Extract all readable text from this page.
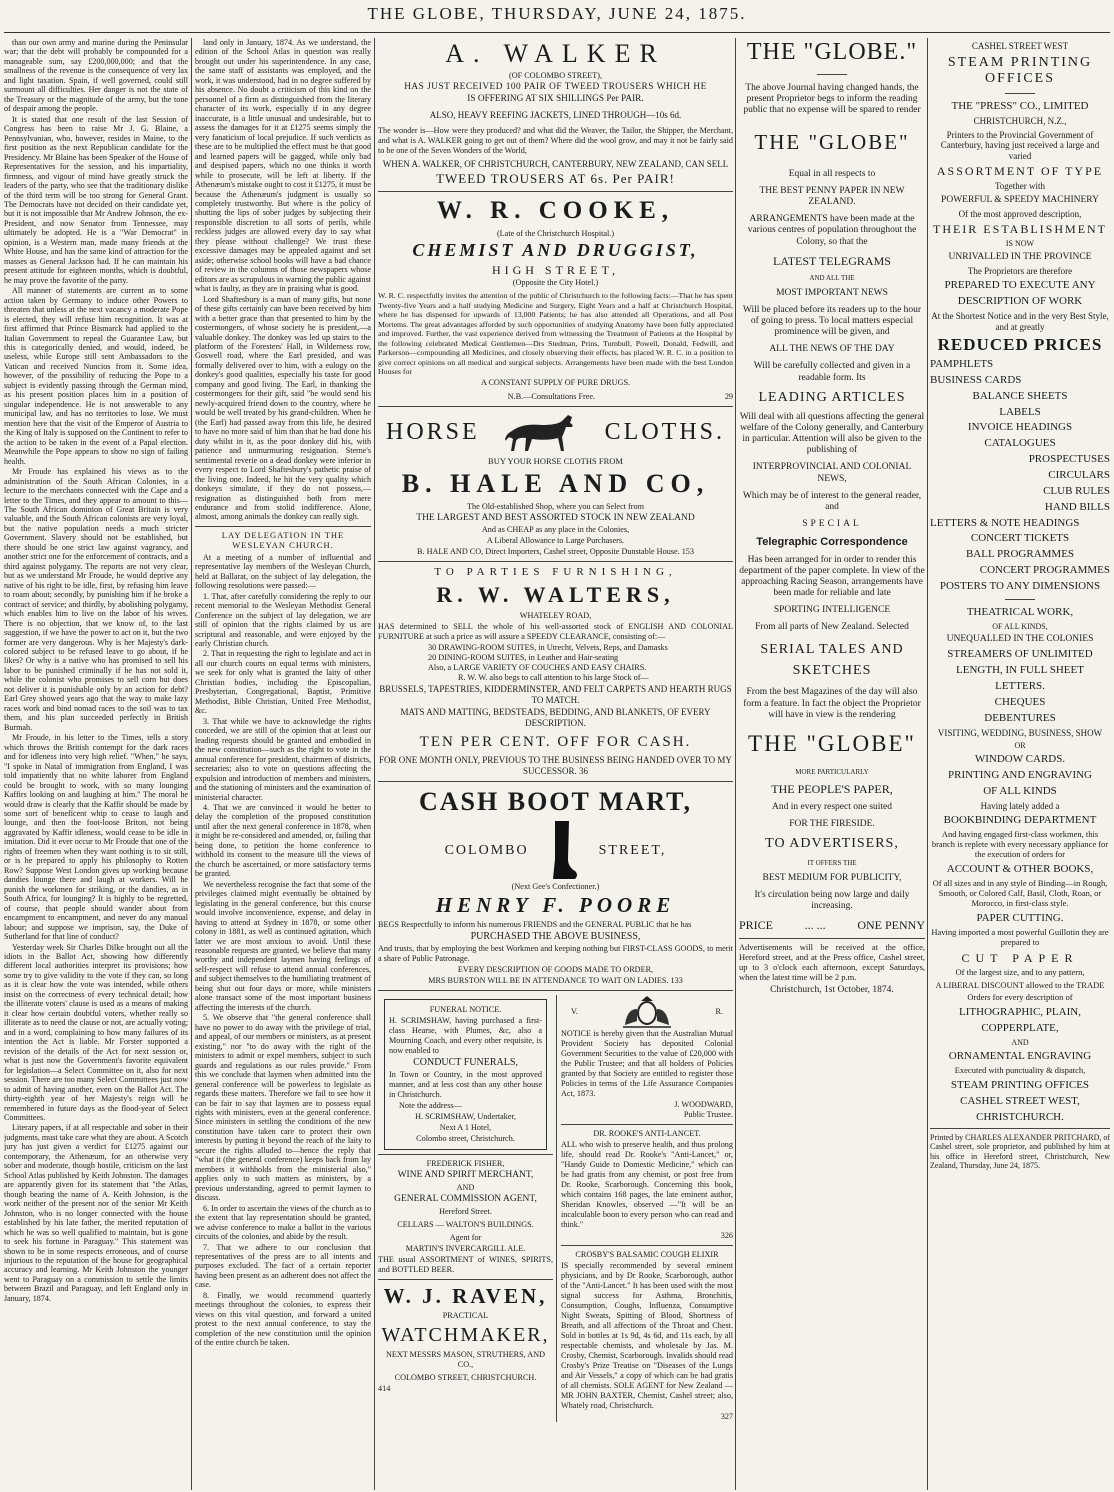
THE GLOBE, THURSDAY, JUNE 24, 1875.

than our own army and marine during the Peninsular war; that the debt will probably be compounded for a manageable sum, say £200,000,000; and that the smallness of the revenue is the consequence of very lax and light taxation. Spain, if well governed, could still surmount all difficulties. Her danger is not the state of the Treasury or the magnitude of the army, but the tone of despair among the people.

It is stated that one result of the last Session of Congress has been to raise Mr J. G. Blaine, a Pennsylvanian, who, however, resides in Maine, to the first position as the next Republican candidate for the Presidency. Mr Blaine has been Speaker of the House of Representatives for the session, and his impartiality, firmness, and vigour of mind have greatly struck the leaders of the party, who see that the traditionary dislike of the third term will be too strong for General Grant. The Democrats have not decided on their candidate yet, but it is not impossible that Mr Andrew Johnson, the ex-President, and now Senator from Tennessee, may ultimately be adopted. He is a "War Democrat" in opinion, is a Western man, made many friends at the White House, and has the same kind of attraction for the masses as General Jackson had. If he can maintain his present attitude for eighteen months, which is doubtful, he may prove the favorite of the party.

All manner of statements are current as to some action taken by Germany to induce other Powers to threaten that unless at the next vacancy a moderate Pope is elected, they will refuse him recognition. It was at first affirmed that Prince Bismarck had applied to the Italian Government to repeal the Guarantee Law, but this is categorically denied, and would, indeed, be useless, while Europe still sent Ambassadors to the Vatican and received Nuncios from it. Some idea, however, of the possibility of reducing the Pope to a subject is evidently passing through the German mind, as his present position places him in a position of singular independence. He is not answerable to any municipal law, and has no territories to lose. We must mention here that the visit of the Emperor of Austria to the King of Italy is supposed on the Continent to refer to the action to be taken in the event of a Papal election. Meanwhile the Pope appears to show no sign of failing health.

Mr Froude has explained his views as to the administration of the South African Colonies, in a lecture to the merchants connected with the Cape and a letter to the Times, and they appear to amount to this—The South African dominion of Great Britain is very valuable, and the South African colonists are very loyal, but the native population needs a much stricter Government. Slavery should not be established, but there should be one strict law against vagrancy, and another strict one for the enforcement of contracts, and a third against polygamy. The reports are not very clear, but as we understand Mr Froude, he would deprive any native of his right to be idle, first, by refusing him leave to roam about; secondly, by punishing him if he broke a contract of service; and thirdly, by abolishing polygamy, which enables him to live on the labor of his wives. There is no objection, that we know of, to the last suggestion, if we have the power to act on it, but the two former are very dangerous. Why is her Majesty's dark-colored subject to be refused leave to go about, if he likes? Or why is a native who has promised to sell his labor to be punished criminally if he has not sold it, while the colonist who promises to sell corn but does not deliver it is punishable only by an action for debt? Earl Grey showed years ago that the way to make lazy races work and bind nomad races to the soil was to tax them, and his plan succeeded perfectly in British Burmah.

Mr Froude, in his letter to the Times, tells a story which throws the British contempt for the dark races and for idleness into very high relief. "When," he says, "I spoke in Natal of immigration from England, I was told impatiently that no white laborer from England could be brought to work, with so many lounging Kaffirs looking on and laughing at him." The moral he would draw is clearly that the Kaffir should be made by some sort of beneficent whip to cease to laugh and lounge, and then the foot-loose Briton, not being aggravated by Kaffir idleness, would cease to be idle in imitation. Did it ever occur to Mr Froude that one of the rights of freemen when they want nothing is to sit still, or is he prepared to apply his philosophy to Rotten Row? Suppose West London gives up working because dandies lounge there and laugh at workers. Will he punish the workmen for striking, or the dandies, as in South Africa, for lounging? It is highly to be regretted, of course, that people should wander about from encampment to encampment, and never do any manual labour; and suppose we imprison, say, the Duke of Sutherland for that line of conduct?

Yesterday week Sir Charles Dilke brought out all the idiots in the Ballot Act, showing how differently different local authorities interpret its provisions; how some try to give validity to the vote if they can, so long as it is clear how the vote was intended, while others insist on the correctness of every technical detail; how the illiterate voters' clause is used as a means of making it clear how certain doubtful voters, whether really so illiterate as to need the clause or not, are actually voting; and in a word, complaining to how many failures of its intention the Act is liable. Mr Forster supported a revision of the details of the Act for next session or, what is just now the Government's favorite equivalent for legislation—a Select Committee on it, also for next session. There are too many Select Committees just now to admit of having another, even on the Ballot Act. The thirty-eighth year of her Majesty's reign will be remembered in future days as the flood-year of Select Committees.

Literary papers, if at all respectable and sober in their judgments, must take care what they are about. A Scotch jury has just given a verdict for £1275 against our contemporary, the Athenæum, for an otherwise very sober and moderate, though hostile, criticism on the last School Atlas published by Keith Johnston. The damages are apparently given for its statement that "the Atlas, though bearing the name of A. Keith Johnston, is the work neither of the present nor of the senior Mr Keith Johnston, who is no longer connected with the house established by his late father, the merited reputation of which he was so well qualified to maintain, but is gone to seek his fortune in Paraguay." This statement was shown to be in some respects erroneous, and of course injurious to the reputation of the house for geographical accuracy and learning. Mr Keith Johnston the younger went to Paraguay on a commission to settle the limits between Brazil and Paraguay, and left England only in January, 1874.

land only in January, 1874. As we understand, the edition of the School Atlas in question was really brought out under his superintendence. In any case, the same staff of assistants was employed, and the work, it was understood, had in no degree suffered by his absence. No doubt a criticism of this kind on the personnel of a firm as distinguished from the literary character of its work, especially if in any degree inaccurate, is a little unusual and undesirable, but to assess the damages for it at £1275 seems simply the very fanaticism of local prejudice. If such verdicts as these are to be multiplied the effect must be that good and learned papers will be gagged, while only bad and despised papers, which no one thinks it worth while to prosecute, will be left at liberty. If the Athenæum's mistake ought to cost it £1275, it must be because the Athenæum's judgment is usually so completely trustworthy. But where is the policy of shutting the lips of sober judges by subjecting their responsible discretion to all sorts of perils, while reckless judges are allowed every day to say what they please without challenge? We trust these excessive damages may be appealed against and set aside; otherwise school books will have a bad chance of review in the columns of those newspapers whose editors are as scrupulous in warning the public against what is faulty, as they are in praising what is good.

Lord Shaftesbury is a man of many gifts, but none of these gifts certainly can have been received by him with a better grace than that presented to him by the costermongers, of whose society he is president,—a valuable donkey. The donkey was led up stairs to the platform of the Foresters' Hall, in Wilderness row, Goswell road, where the Earl presided, and was formally delivered over to him, with a eulogy on the donkey's good qualities, especially his taste for good company and good living. The Earl, in thanking the costermongers for their gift, said "he would send his newly-acquired friend down to the country, where he would be well treated by his grand-children. When he (the Earl) had passed away from this life, he desired to have no more said of him than that he had done his duty whilst in it, as the poor donkey did his, with patience and unmurmuring resignation. Sterne's sentimental reverie on a dead donkey were inferior in every respect to Lord Shaftesbury's pathetic praise of the living one. Indeed, he hit the very quality which donkeys simulate, if they do not possess,—resignation as distinguished both from mere endurance and from stolid indifference. Alone, almost, among animals the donkey can really sigh.

LAY DELEGATION IN THE WESLEYAN CHURCH.

At a meeting of a number of influential and representative lay members of the Wesleyan Church, held at Ballarat, on the subject of lay delegation, the following resolutions were passed:—

1. That, after carefully considering the reply to our recent memorial to the Wesleyan Methodist General Conference on the subject of lay delegation, we are still of opinion that the rights claimed by us are scriptural and reasonable, and were enjoyed by the early Christian church.

2. That in requesting the right to legislate and act in all our church courts on equal terms with ministers, we seek for only what is granted the laity of other Christian bodies, including the Episcopalian, Presbyterian, Congregational, Baptist, Primitive Methodist, Bible Christian, United Free Methodist, &c.

3. That while we have to acknowledge the rights conceded, we are still of the opinion that at least our leading requests should be granted and embodied in the new constitution—such as the right to vote in the annual conference for president, chairmen of districts, secretaries; also to vote on questions affecting the expulsion and introduction of members and ministers, and the stationing of ministers and the examination of ministerial character.

4. That we are convinced it would be better to delay the completion of the proposed constitution until after the next general conference in 1878, when it might be re-considered and amended, or, failing that being done, to petition the home conference to withhold its consent to the measure till the views of the church be ascertained, or more satisfactory terms be granted.

We nevertheless recognise the fact that some of the privileges claimed might eventually be obtained by legislating in the general conference, but this course would involve inconvenience, expense, and delay in having to attend at Sydney in 1878, or some other colony in 1881, as well as continued agitation, which latter we are most anxious to avoid. Until these reasonable requests are granted, we believe that many worthy and independent laymen having feelings of self-respect will refuse to attend annual conferences, and subject themselves to the humiliating treatment of being shut out four days or more, while ministers alone transact some of the most important business affecting the interests of the church.

5. We observe that "the general conference shall have no power to do away with the privilege of trial, and appeal, of our members or ministers, as at present existing," nor "to do away with the right of the ministers to admit or expel members, subject to such guards and regulations as our rules provide." From this we conclude that laymen when admitted into the general conference will be powerless to legislate as regards these matters. Therefore we fail to see how it can be fair to say that laymen are to possess equal rights with ministers, even at the general conference. Since ministers in settling the conditions of the new constitution have taken care to protect their own interests by putting it beyond the reach of the laity to secure the rights alluded to—hence the reply that "what it (the general conference) keeps back from lay members it withholds from the ministerial also," applies only to such matters as ministers, by a previous understanding, agreed to permit laymen to discuss.

6. In order to ascertain the views of the church as to the extent that lay representation should be granted, we advise conference to make a ballot in the various circuits of the colonies, and abide by the result.

7. That we adhere to our conclusion that representatives of the press are to all intents and purposes excluded. The fact of a certain reporter having been present as an adherent does not affect the case.

8. Finally, we would recommend quarterly meetings throughout the colonies, to express their views on this vital question, and forward a united protest to the next annual conference, to stay the completion of the new constitution until the opinion of the entire church be taken.

A. WALKER
(OF COLOMBO STREET),
HAS JUST RECEIVED 100 PAIR OF TWEED TROUSERS WHICH HE
IS OFFERING AT SIX SHILLINGS Per PAIR.
ALSO, HEAVY REEFING JACKETS, LINED THROUGH—10s 6d.

The wonder is—How were they produced? and what did the Weaver, the Tailor, the Shipper, the Merchant, and what is A. WALKER going to get out of them? Where did the wool grow, and may it not be fairly said to be one of the Seven Wonders of the World,

WHEN A. WALKER, OF CHRISTCHURCH, CANTERBURY, NEW ZEALAND, CAN SELL
TWEED TROUSERS AT 6s. Per PAIR!
W. R. COOKE,
(Late of the Christchurch Hospital.)
CHEMIST AND DRUGGIST,
HIGH STREET,
(Opposite the City Hotel.)

W. R. C. respectfully invites the attention of the public of Christchurch to the following facts:—That he has spent Twenty-five Years and a half studying Medicine and Surgery, Eight Years and a half at Christchurch Hospital, where he has dispensed for upwards of 13,000 Patients; he has also attended all Operations, and all Post Mortems. The great advantages afforded by such opportunities of studying Anatomy have been fully appreciated and improved. Further, the vast experience derived from witnessing the Treatment of Patients at the Hospital by the following celebrated Medical Gentlemen—Drs Stedman, Prins, Turnbull, Powell, Donald, Fedwill, and Parkerson—compounding all Medicines, and closely observing their effects, has placed W. R. C. in a position to give correct opinions on all medical and surgical subjects. Arrangements have been made with the best London Houses for

A CONSTANT SUPPLY OF PURE DRUGS.
N.B.—Consultations Free.	29
HORSE	CLOTHS.
BUY YOUR HORSE CLOTHS FROM
B. HALE AND CO,
The Old-established Shop, where you can Select from
THE LARGEST AND BEST ASSORTED STOCK IN NEW ZEALAND
And as CHEAP as any place in the Colonies,
A Liberal Allowance to Large Purchasers.
B. HALE AND CO, Direct Importers, Cashel street, Opposite Dunstable House. 153
TO PARTIES FURNISHING,
R. W. WALTERS,
WHATELEY ROAD,

HAS determined to SELL the whole of his well-assorted stock of ENGLISH AND COLONIAL FURNITURE at such a price as will assure a SPEEDY CLEARANCE, consisting of:—

30 DRAWING-ROOM SUITES, in Utrecht, Velvets, Reps, and Damasks
20 DINING-ROOM SUITES, in Leather and Hair-seating
Also, a LARGE VARIETY OF COUCHES AND EASY CHAIRS.
R. W. W. also begs to call attention to his large Stock of—
BRUSSELS, TAPESTRIES, KIDDERMINSTER, AND FELT CARPETS AND HEARTH RUGS TO MATCH.
MATS AND MATTING, BEDSTEADS, BEDDING, AND BLANKETS, OF EVERY DESCRIPTION.
TEN PER CENT. OFF FOR CASH.
FOR ONE MONTH ONLY, PREVIOUS TO THE BUSINESS BEING HANDED OVER TO MY SUCCESSOR. 36
CASH BOOT MART,
COLOMBO	STREET,
(Next Gee's Confectioner.)
HENRY F. POORE

BEGS Respectfully to inform his numerous FRIENDS and the GENERAL PUBLIC that he has

PURCHASED THE ABOVE BUSINESS,

And trusts, that by employing the best Workmen and keeping nothing but FIRST-CLASS GOODS, to merit a share of Public Patronage.

EVERY DESCRIPTION OF GOODS MADE TO ORDER,
MRS BURSTON WILL BE IN ATTENDANCE TO WAIT ON LADIES. 133
FUNERAL NOTICE.

H. SCRIMSHAW, having purchased a first-class Hearse, with Plumes, &c, also a Mourning Coach, and every other requisite, is now enabled to

CONDUCT FUNERALS,

In Town or Country, in the most approved manner, and at less cost than any other house in Christchurch.

Note the address—
H. SCRIMSHAW, Undertaker,
Next A 1 Hotel,
Colombo street, Christchurch.
FREDERICK FISHER,
WINE AND SPIRIT MERCHANT,
AND
GENERAL COMMISSION AGENT,
Hereford Street.
CELLARS — WALTON'S BUILDINGS.
Agent for
MARTIN'S INVERCARGILL ALE.

THE usual ASSORTMENT of WINES, SPIRITS, and BOTTLED BEER.

W. J. RAVEN,
PRACTICAL
WATCHMAKER,
NEXT MESSRS MASON, STRUTHERS, AND CO.,
COLOMBO STREET, CHRISTCHURCH.
414
V.	R.

NOTICE is hereby given that the Australian Mutual Provident Society has deposited Colonial Government Securities to the value of £20,000 with the Public Trustee; and that all holders of Policies granted by that Society are entitled to register those Policies in terms of the Life Assurance Companies Act, 1873.

J. WOODWARD,
Public Trustee.
DR. ROOKE'S ANTI-LANCET.

ALL who wish to preserve health, and thus prolong life, should read Dr. Rooke's "Anti-Lancet," or, "Handy Guide to Domestic Medicine," which can be had gratis from any chemist, or post free from Dr. Rooke, Scarborough. Concerning this book, which contains 168 pages, the late eminent author, Sheridan Knowles, observed —"It will be an incalculable boon to every person who can read and think."

326
CROSBY'S BALSAMIC COUGH ELIXIR

IS specially recommended by several eminent physicians, and by Dr Rooke, Scarborough, author of the "Anti-Lancet." It has been used with the most signal success for Asthma, Bronchitis, Consumption, Coughs, Influenza, Consumptive Night Sweats, Spitting of Blood, Shortness of Breath, and all affections of the Throat and Chest. Sold in bottles at 1s 9d, 4s 6d, and 11s each, by all respectable chemists, and wholesale by Jas. M. Crosby, Chemist, Scarborough. Invalids should read Crosby's Prize Treatise on "Diseases of the Lungs and Air Vessels," a copy of which can be had gratis of all chemists. SOLE AGENT for New Zealand — MR JOHN BAXTER, Chemist, Cashel street; also, Whately road, Christchurch.

327
THE "GLOBE."
The above Journal having changed hands, the present Proprietor begs to inform the reading public that no expense will be spared to render
THE "GLOBE"
Equal in all respects to
THE BEST PENNY PAPER IN NEW ZEALAND.
ARRANGEMENTS have been made at the various centres of population throughout the Colony, so that the
LATEST TELEGRAMS
AND ALL THE
MOST IMPORTANT NEWS
Will be placed before its readers up to the hour of going to press. To local matters especial prominence will be given, and
ALL THE NEWS OF THE DAY
Will be carefully collected and given in a readable form. Its
LEADING ARTICLES
Will deal with all questions affecting the general welfare of the Colony generally, and Canterbury in particular. Attention will also be given to the publishing of
INTERPROVINCIAL AND COLONIAL NEWS,
Which may be of interest to the general reader, and
SPECIAL
Telegraphic Correspondence
Has been arranged for in order to render this department of the paper complete. In view of the approaching Racing Season, arrangements have been made for reliable and late
SPORTING INTELLIGENCE
From all parts of New Zealand. Selected
SERIAL TALES AND SKETCHES
From the best Magazines of the day will also form a feature. In fact the object the Proprietor will have in view is the rendering
THE "GLOBE"
MORE PARTICULARLY
THE PEOPLE'S PAPER,
And in every respect one suited
FOR THE FIRESIDE.
TO ADVERTISERS,
IT OFFERS THE
BEST MEDIUM FOR PUBLICITY,
It's circulation being now large and daily increasing.
PRICE	... ...	ONE PENNY
Advertisements will be received at the office, Hereford street, and at the Press office, Cashel street, up to 3 o'clock each afternoon, except Saturdays, when the latest time will be 2 p.m.
Christchurch, 1st October, 1874.
CASHEL STREET WEST
STEAM PRINTING OFFICES
THE "PRESS" CO., LIMITED
CHRISTCHURCH, N.Z.,
Printers to the Provincial Government of Canterbury, having just received a large and varied
ASSORTMENT OF TYPE
Together with
POWERFUL & SPEEDY MACHINERY
Of the most approved description,
THEIR ESTABLISHMENT
IS NOW
UNRIVALLED IN THE PROVINCE
The Proprietors are therefore
PREPARED TO EXECUTE ANY
DESCRIPTION OF WORK
At the Shortest Notice and in the very Best Style, and at greatly
REDUCED PRICES
PAMPHLETS
BUSINESS CARDS
BALANCE SHEETS
LABELS
INVOICE HEADINGS
CATALOGUES
PROSPECTUSES
CIRCULARS
CLUB RULES
HAND BILLS
LETTERS & NOTE HEADINGS
CONCERT TICKETS
BALL PROGRAMMES
CONCERT PROGRAMMES
POSTERS TO ANY DIMENSIONS
THEATRICAL WORK,
OF ALL KINDS,
UNEQUALLED IN THE COLONIES
STREAMERS OF UNLIMITED
LENGTH, IN FULL SHEET
LETTERS.
CHEQUES
DEBENTURES
VISITING, WEDDING, BUSINESS, SHOW
OR
WINDOW CARDS.
PRINTING AND ENGRAVING
OF ALL KINDS
Having lately added a
BOOKBINDING DEPARTMENT
And having engaged first-class workmen, this branch is replete with every necessary appliance for the execution of orders for
ACCOUNT & OTHER BOOKS,
Of all sizes and in any style of Binding—in Rough, Smooth, or Colored Calf, Basil, Cloth, Roan, or Morocco, in first-class style.
PAPER CUTTING.
Having imported a most powerful Guillotin they are prepared to
CUT PAPER
Of the largest size, and to any pattern,
A LIBERAL DISCOUNT allowed to the TRADE
Orders for every description of
LITHOGRAPHIC, PLAIN,
COPPERPLATE,
AND
ORNAMENTAL ENGRAVING
Executed with punctuality & dispatch,
STEAM PRINTING OFFICES
CASHEL STREET WEST,
CHRISTCHURCH.
Printed by CHARLES ALEXANDER PRITCHARD, of Cashel street, sole proprietor, and published by him at his office in Hereford street, Christchurch, New Zealand, Thursday, June 24, 1875.
